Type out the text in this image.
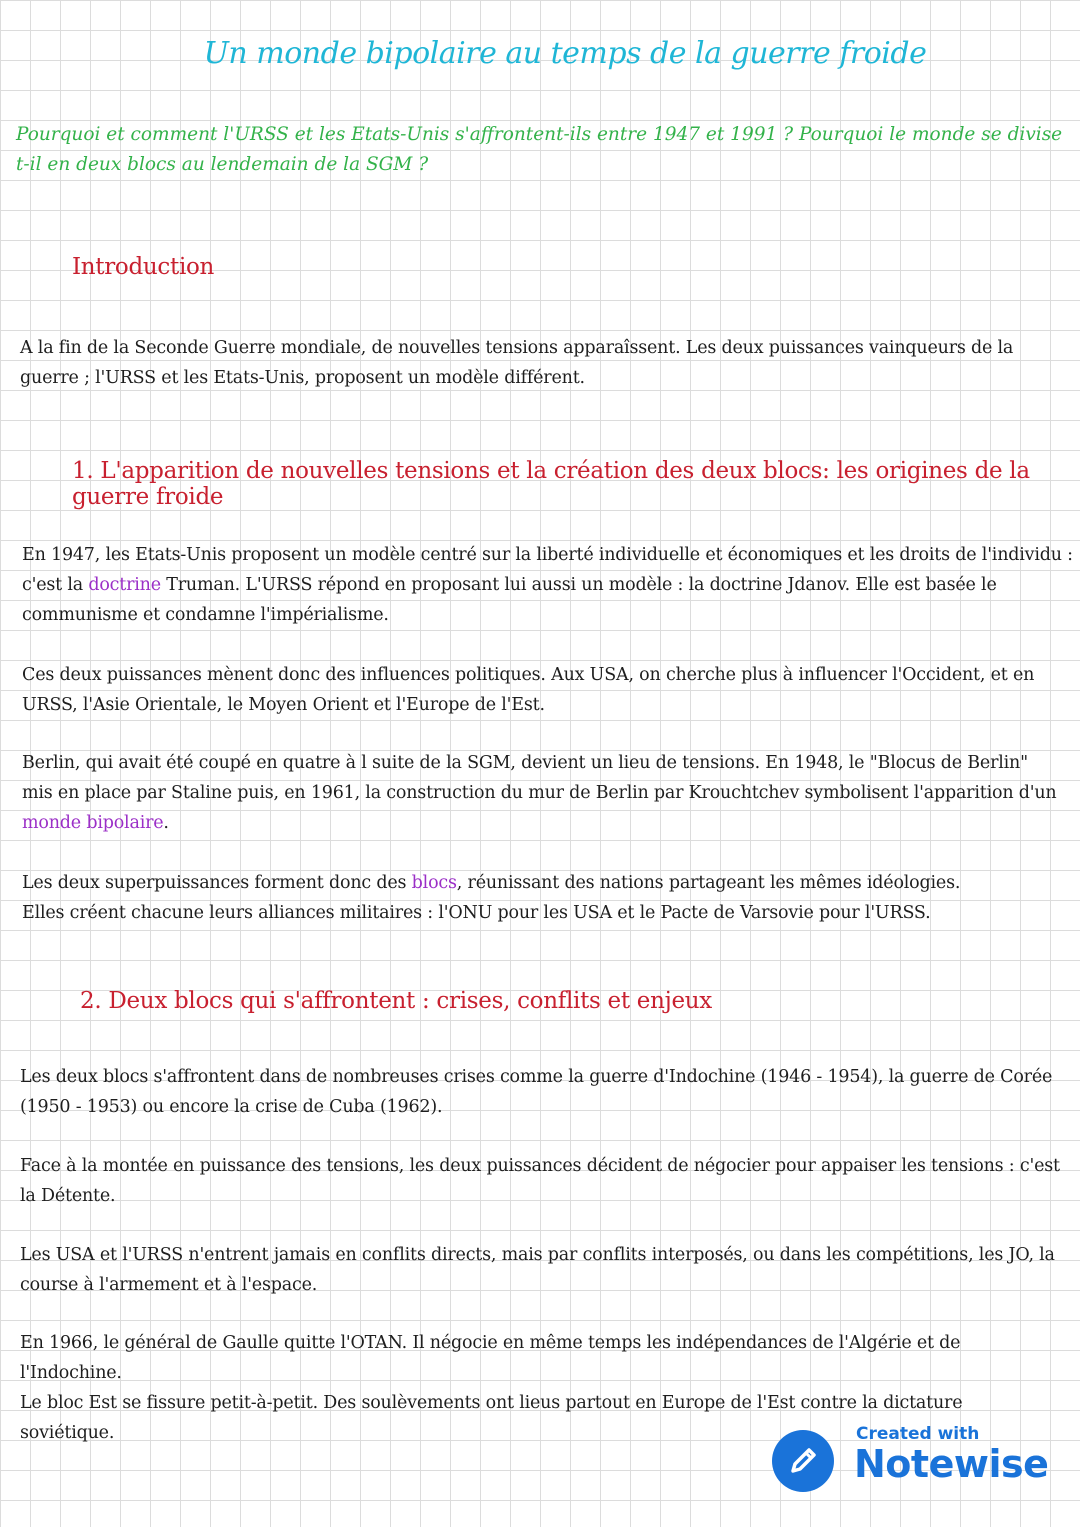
Un monde bipolaire au temps de la guerre froide

Pourquoi et comment l'URSS et les Etats-Unis s'affrontent-ils entre 1947 et 1991 ? Pourquoi le monde se divise t-il en deux blocs au lendemain de la SGM ?

Introduction

A la fin de la Seconde Guerre mondiale, de nouvelles tensions apparaîssent. Les deux puissances vainqueurs de la guerre ; l'URSS et les Etats-Unis, proposent un modèle différent.

1. L'apparition de nouvelles tensions et la création des deux blocs: les origines de la guerre froide

En 1947, les Etats-Unis proposent un modèle centré sur la liberté individuelle et économiques et les droits de l'individu : c'est la doctrine Truman. L'URSS répond en proposant lui aussi un modèle : la doctrine Jdanov. Elle est basée le communisme et condamne l'impérialisme.

Ces deux puissances mènent donc des influences politiques. Aux USA, on cherche plus à influencer l'Occident, et en URSS, l'Asie Orientale, le Moyen Orient et l'Europe de l'Est.

Berlin, qui avait été coupé en quatre à l suite de la SGM, devient un lieu de tensions. En 1948, le "Blocus de Berlin" mis en place par Staline puis, en 1961, la construction du mur de Berlin par Krouchtchev symbolisent l'apparition d'un monde bipolaire.

Les deux superpuissances forment donc des blocs, réunissant des nations partageant les mêmes idéologies.
Elles créent chacune leurs alliances militaires : l'ONU pour les USA et le Pacte de Varsovie pour l'URSS.

2. Deux blocs qui s'affrontent : crises, conflits et enjeux

Les deux blocs s'affrontent dans de nombreuses crises comme la guerre d'Indochine (1946 - 1954), la guerre de Corée (1950 - 1953) ou encore la crise de Cuba (1962).

Face à la montée en puissance des tensions, les deux puissances décident de négocier pour appaiser les tensions : c'est la Détente.

Les USA et l'URSS n'entrent jamais en conflits directs, mais par conflits interposés, ou dans les compétitions, les JO, la course à l'armement et à l'espace.

En 1966, le général de Gaulle quitte l'OTAN. Il négocie en même temps les indépendances de l'Algérie et de l'Indochine.

Le bloc Est se fissure petit-à-petit. Des soulèvements ont lieus partout en Europe de l'Est contre la dictature soviétique.	Created with
Notewise
